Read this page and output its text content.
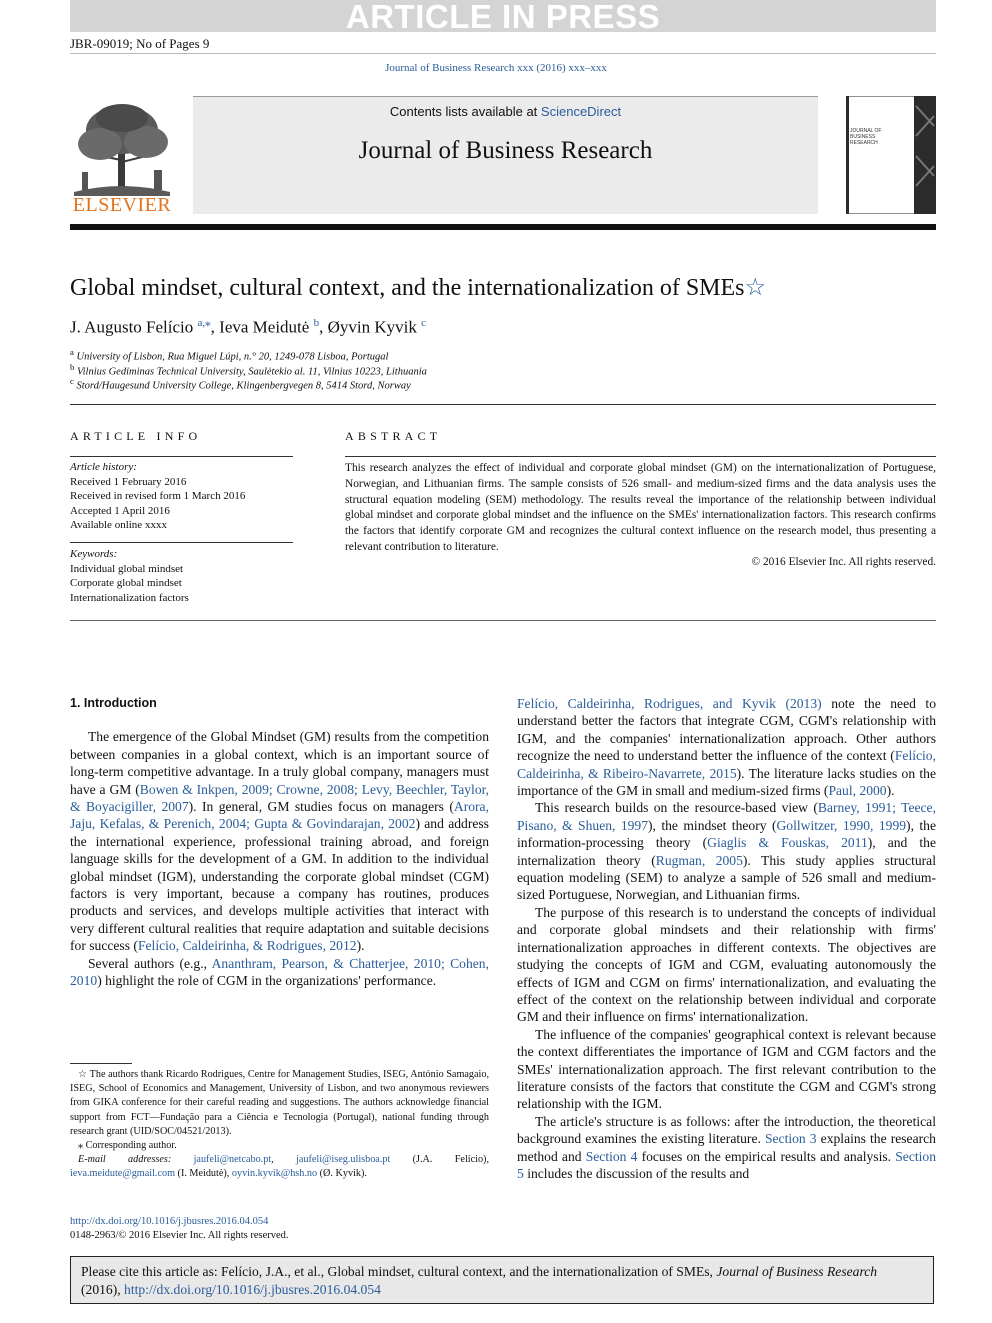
ARTICLE IN PRESS
JBR-09019; No of Pages 9
Journal of Business Research xxx (2016) xxx–xxx
ELSEVIER
Contents lists available at ScienceDirect
Journal of Business Research
JOURNAL OF BUSINESS RESEARCH
Global mindset, cultural context, and the internationalization of SMEs☆
J. Augusto Felício $^{a,⁎}$, Ieva Meidutė $^b$, Øyvin Kyvik $^c$
$^a$ University of Lisbon, Rua Miguel Lúpi, n.° 20, 1249-078 Lisboa, Portugal
$^b$ Vilnius Gediminas Technical University, Saulėtekio al. 11, Vilnius 10223, Lithuania
$^c$ Stord/Haugesund University College, Klingenbergvegen 8, 5414 Stord, Norway
ARTICLE INFO
Article history:
Received 1 February 2016
Received in revised form 1 March 2016
Accepted 1 April 2016
Available online xxxx
Keywords:
Individual global mindset
Corporate global mindset
Internationalization factors
ABSTRACT
This research analyzes the effect of individual and corporate global mindset (GM) on the internationalization of Portuguese, Norwegian, and Lithuanian firms. The sample consists of 526 small- and medium-sized firms and the data analysis uses the structural equation modeling (SEM) methodology. The results reveal the importance of the relationship between individual global mindset and corporate global mindset and the influence on the SMEs' internationalization factors. This research confirms the factors that identify corporate GM and recognizes the cultural context influence on the research model, thus presenting a relevant contribution to literature.
© 2016 Elsevier Inc. All rights reserved.
1. Introduction

The emergence of the Global Mindset (GM) results from the competition between companies in a global context, which is an important source of long-term competitive advantage. In a truly global company, managers must have a GM (Bowen & Inkpen, 2009; Crowne, 2008; Levy, Beechler, Taylor, & Boyacigiller, 2007). In general, GM studies focus on managers (Arora, Jaju, Kefalas, & Perenich, 2004; Gupta & Govindarajan, 2002) and address the international experience, professional training abroad, and foreign language skills for the development of a GM. In addition to the individual global mindset (IGM), understanding the corporate global mindset (CGM) factors is very important, because a company has routines, produces products and services, and develops multiple activities that interact with very different cultural realities that require adaptation and suitable decisions for success (Felício, Caldeirinha, & Rodrigues, 2012).

Several authors (e.g., Ananthram, Pearson, & Chatterjee, 2010; Cohen, 2010) highlight the role of CGM in the organizations' performance.

Felício, Caldeirinha, Rodrigues, and Kyvik (2013) note the need to understand better the factors that integrate CGM, CGM's relationship with IGM, and the companies' internationalization approach. Other authors recognize the need to understand better the influence of the context (Felício, Caldeirinha, & Ribeiro-Navarrete, 2015). The literature lacks studies on the importance of the GM in small and medium-sized firms (Paul, 2000).

This research builds on the resource-based view (Barney, 1991; Teece, Pisano, & Shuen, 1997), the mindset theory (Gollwitzer, 1990, 1999), the information-processing theory (Giaglis & Fouskas, 2011), and the internalization theory (Rugman, 2005). This study applies structural equation modeling (SEM) to analyze a sample of 526 small and medium-sized Portuguese, Norwegian, and Lithuanian firms.

The purpose of this research is to understand the concepts of individual and corporate global mindsets and their relationship with firms' internationalization approaches in different contexts. The objectives are studying the concepts of IGM and CGM, evaluating autonomously the effects of IGM and CGM on firms' internationalization, and evaluating the effect of the context on the relationship between individual and corporate GM and their influence on firms' internationalization.

The influence of the companies' geographical context is relevant because the context differentiates the importance of IGM and CGM factors and the SMEs' internationalization approach. The first relevant contribution to the literature consists of the factors that constitute the CGM and CGM's strong relationship with the IGM.

The article's structure is as follows: after the introduction, the theoretical background examines the existing literature. Section 3 explains the research method and Section 4 focuses on the empirical results and analysis. Section 5 includes the discussion of the results and

☆ The authors thank Ricardo Rodrigues, Centre for Management Studies, ISEG, António Samagaio, ISEG, School of Economics and Management, University of Lisbon, and two anonymous reviewers from GIKA conference for their careful reading and suggestions. The authors acknowledge financial support from FCT—Fundação para a Ciência e Tecnologia (Portugal), national funding through research grant (UID/SOC/04521/2013).

⁎ Corresponding author.

E-mail addresses: jaufeli@netcabo.pt, jaufeli@iseg.ulisboa.pt (J.A. Felício), ieva.meidute@gmail.com (I. Meidutė), oyvin.kyvik@hsh.no (Ø. Kyvik).

http://dx.doi.org/10.1016/j.jbusres.2016.04.054
0148-2963/© 2016 Elsevier Inc. All rights reserved.
Please cite this article as: Felício, J.A., et al., Global mindset, cultural context, and the internationalization of SMEs, Journal of Business Research
(2016), http://dx.doi.org/10.1016/j.jbusres.2016.04.054
